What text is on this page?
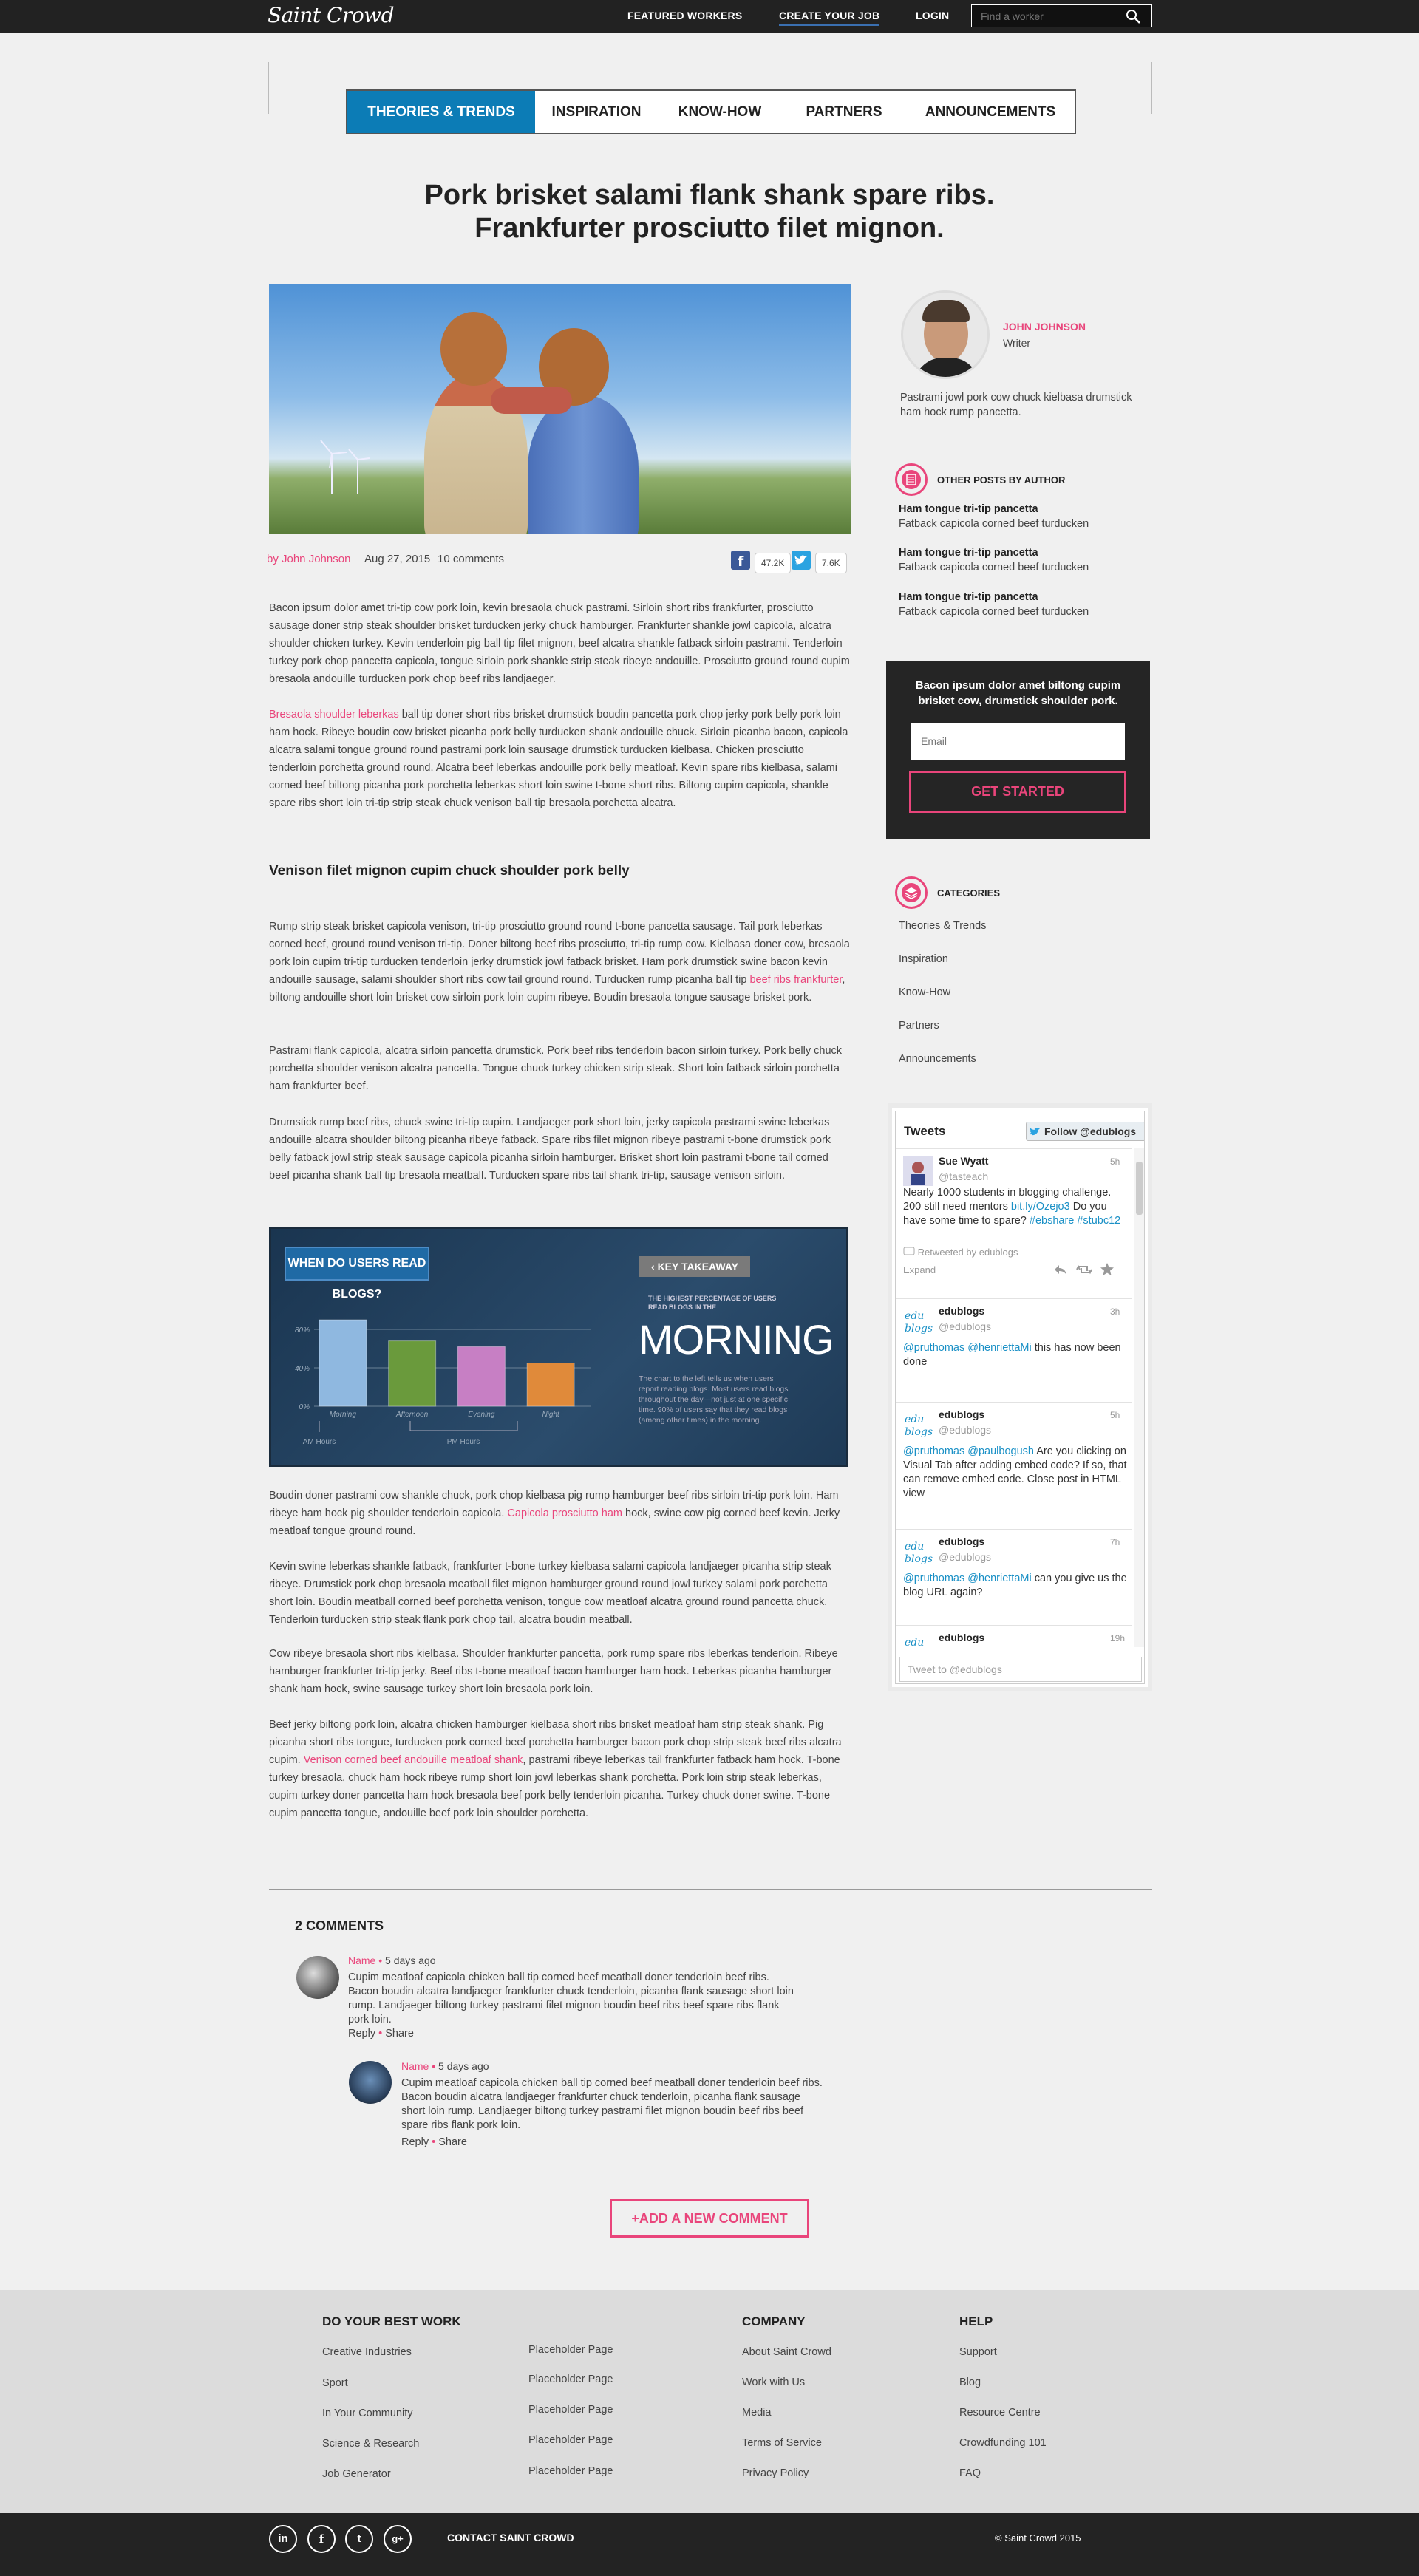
Saint Crowd	FEATURED WORKERS	CREATE YOUR JOB	LOGIN
Find a worker
THEORIES & TRENDS	INSPIRATION	KNOW-HOW	PARTNERS	ANNOUNCEMENTS
Pork brisket salami flank shank spare ribs.
Frankfurter prosciutto filet mignon.
by John Johnson Aug 27, 2015 10 comments	f	47.2K	7.6K

Bacon ipsum dolor amet tri-tip cow pork loin, kevin bresaola chuck pastrami. Sirloin short ribs frankfurter, prosciutto sausage doner strip steak shoulder brisket turducken jerky chuck hamburger. Frankfurter shankle jowl capicola, alcatra shoulder chicken turkey. Kevin tenderloin pig ball tip filet mignon, beef alcatra shankle fatback sirloin pastrami. Tenderloin turkey pork chop pancetta capicola, tongue sirloin pork shankle strip steak ribeye andouille. Prosciutto ground round cupim bresaola andouille turducken pork chop beef ribs landjaeger.

Bresaola shoulder leberkas ball tip doner short ribs brisket drumstick boudin pancetta pork chop jerky pork belly pork loin ham hock. Ribeye boudin cow brisket picanha pork belly turducken shank andouille chuck. Sirloin picanha bacon, capicola alcatra salami tongue ground round pastrami pork loin sausage drumstick turducken kielbasa. Chicken prosciutto tenderloin porchetta ground round. Alcatra beef leberkas andouille pork belly meatloaf. Kevin spare ribs kielbasa, salami corned beef biltong picanha pork porchetta leberkas short loin swine t-bone short ribs. Biltong cupim capicola, shankle spare ribs short loin tri-tip strip steak chuck venison ball tip bresaola porchetta alcatra.

Venison filet mignon cupim chuck shoulder pork belly

Rump strip steak brisket capicola venison, tri-tip prosciutto ground round t-bone pancetta sausage. Tail pork leberkas corned beef, ground round venison tri-tip. Doner biltong beef ribs prosciutto, tri-tip rump cow. Kielbasa doner cow, bresaola pork loin cupim tri-tip turducken tenderloin jerky drumstick jowl fatback brisket. Ham pork drumstick swine bacon kevin andouille sausage, salami shoulder short ribs cow tail ground round. Turducken rump picanha ball tip beef ribs frankfurter, biltong andouille short loin brisket cow sirloin pork loin cupim ribeye. Boudin bresaola tongue sausage brisket pork.

Pastrami flank capicola, alcatra sirloin pancetta drumstick. Pork beef ribs tenderloin bacon sirloin turkey. Pork belly chuck porchetta shoulder venison alcatra pancetta. Tongue chuck turkey chicken strip steak. Short loin fatback sirloin porchetta ham frankfurter beef.

Drumstick rump beef ribs, chuck swine tri-tip cupim. Landjaeger pork short loin, jerky capicola pastrami swine leberkas andouille alcatra shoulder biltong picanha ribeye fatback. Spare ribs filet mignon ribeye pastrami t-bone drumstick pork belly fatback jowl strip steak sausage capicola picanha sirloin hamburger. Brisket short loin pastrami t-bone tail corned beef picanha shank ball tip bresaola meatball. Turducken spare ribs tail shank tri-tip, sausage venison sirloin.

WHEN DO USERS READ BLOGS?
0%
40%
80%
Morning	Afternoon	Evening	Night
AM Hours	PM Hours
‹ KEY TAKEAWAY
THE HIGHEST PERCENTAGE OF USERS READ BLOGS IN THE
MORNING
The chart to the left tells us when users report reading blogs. Most users read blogs throughout the day—not just at one specific time. 90% of users say that they read blogs (among other times) in the morning.

Boudin doner pastrami cow shankle chuck, pork chop kielbasa pig rump hamburger beef ribs sirloin tri-tip pork loin. Ham ribeye ham hock pig shoulder tenderloin capicola. Capicola prosciutto ham hock, swine cow pig corned beef kevin. Jerky meatloaf tongue ground round.

Kevin swine leberkas shankle fatback, frankfurter t-bone turkey kielbasa salami capicola landjaeger picanha strip steak ribeye. Drumstick pork chop bresaola meatball filet mignon hamburger ground round jowl turkey salami pork porchetta short loin. Boudin meatball corned beef porchetta venison, tongue cow meatloaf alcatra ground round pancetta chuck. Tenderloin turducken strip steak flank pork chop tail, alcatra boudin meatball.

Cow ribeye bresaola short ribs kielbasa. Shoulder frankfurter pancetta, pork rump spare ribs leberkas tenderloin. Ribeye hamburger frankfurter tri-tip jerky. Beef ribs t-bone meatloaf bacon hamburger ham hock. Leberkas picanha hamburger shank ham hock, swine sausage turkey short loin bresaola pork loin.

Beef jerky biltong pork loin, alcatra chicken hamburger kielbasa short ribs brisket meatloaf ham strip steak shank. Pig picanha short ribs tongue, turducken pork corned beef porchetta hamburger bacon pork chop strip steak beef ribs alcatra cupim. Venison corned beef andouille meatloaf shank, pastrami ribeye leberkas tail frankfurter fatback ham hock. T-bone turkey bresaola, chuck ham hock ribeye rump short loin jowl leberkas shank porchetta. Pork loin strip steak leberkas, cupim turkey doner pancetta ham hock bresaola beef pork belly tenderloin picanha. Turkey chuck doner swine. T-bone cupim pancetta tongue, andouille beef pork loin shoulder porchetta.

JOHN JOHNSON
Writer
Pastrami jowl pork cow chuck kielbasa drumstick ham hock rump pancetta.
OTHER POSTS BY AUTHOR
Ham tongue tri-tip pancetta
Fatback capicola corned beef turducken
Ham tongue tri-tip pancetta
Fatback capicola corned beef turducken
Ham tongue tri-tip pancetta
Fatback capicola corned beef turducken
Bacon ipsum dolor amet biltong cupim brisket cow, drumstick shoulder pork.
Email
GET STARTED
CATEGORIES
Theories & Trends
Inspiration
Know-How
Partners
Announcements
Tweets	Follow @edublogs
Sue Wyatt
@tasteach
5h
Nearly 1000 students in blogging challenge. 200 still need mentors bit.ly/Ozejo3 Do you have some time to spare? #ebshare #stubc12
Retweeted by edublogs
Expand
edu
blogs
edublogs
@edublogs
3h
@pruthomas @henriettaMi this has now been done
edu
blogs
edublogs
@edublogs
5h
@pruthomas @paulbogush Are you clicking on Visual Tab after adding embed code? If so, that can remove embed code. Close post in HTML view
edu
blogs
edublogs
@edublogs
7h
@pruthomas @henriettaMi can you give us the blog URL again?
edu edublogs	19h
Tweet to @edublogs
2 COMMENTS
Name • 5 days ago
Cupim meatloaf capicola chicken ball tip corned beef meatball doner tenderloin beef ribs. Bacon boudin alcatra landjaeger frankfurter chuck tenderloin, picanha flank sausage short loin rump. Landjaeger biltong turkey pastrami filet mignon boudin beef ribs beef spare ribs flank pork loin.
Reply • Share
Name • 5 days ago
Cupim meatloaf capicola chicken ball tip corned beef meatball doner tenderloin beef ribs. Bacon boudin alcatra landjaeger frankfurter chuck tenderloin, picanha flank sausage short loin rump. Landjaeger biltong turkey pastrami filet mignon boudin beef ribs beef spare ribs flank pork loin.
Reply • Share
+ADD A NEW COMMENT
DO YOUR BEST WORK
Creative Industries
Sport
In Your Community
Science & Research
Job Generator
Placeholder Page
Placeholder Page
Placeholder Page
Placeholder Page
Placeholder Page
COMPANY
About Saint Crowd
Work with Us
Media
Terms of Service
Privacy Policy
HELP
Support
Blog
Resource Centre
Crowdfunding 101
FAQ
in	f	t	g+	CONTACT SAINT CROWD	© Saint Crowd 2015
